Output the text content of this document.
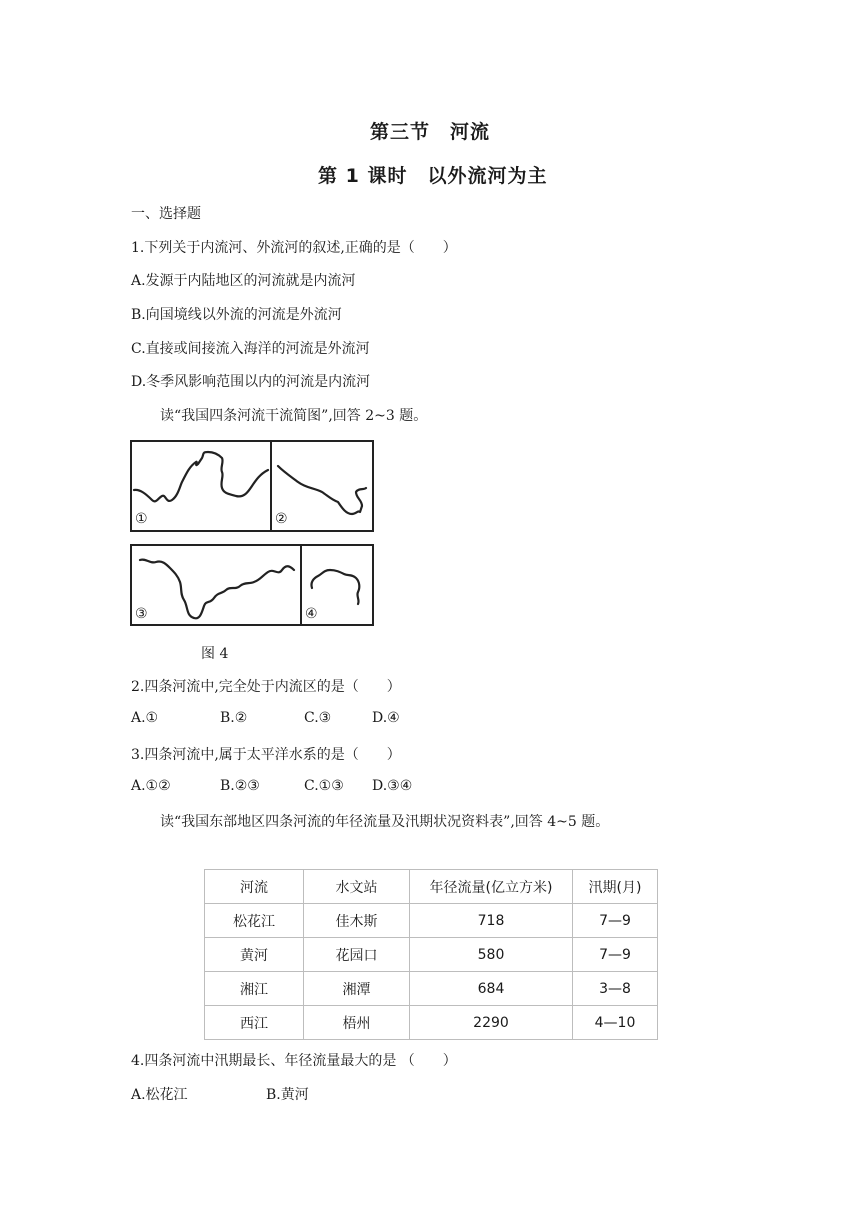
第三节　河流
第 1 课时　以外流河为主
一、选择题
1.下列关于内流河、外流河的叙述,正确的是（　　）
A.发源于内陆地区的河流就是内流河
B.向国境线以外流的河流是外流河
C.直接或间接流入海洋的河流是外流河
D.冬季风影响范围以内的河流是内流河
读“我国四条河流干流简图”,回答 2~3 题。
①	②
③	④
图 4
2.四条河流中,完全处于内流区的是（　　）
A.①	B.②	C.③	D.④
3.四条河流中,属于太平洋水系的是（　　）
A.①②	B.②③	C.①③ D.③④
读“我国东部地区四条河流的年径流量及汛期状况资料表”,回答 4~5 题。
河流	水文站	年径流量(亿立方米)	汛期(月)
松花江	佳木斯	718	7—9
黄河	花园口	580	7—9
湘江	湘潭	684	3—8
西江	梧州	2290	4—10
4.四条河流中汛期最长、年径流量最大的是 （　　）
A.松花江	B.黄河
